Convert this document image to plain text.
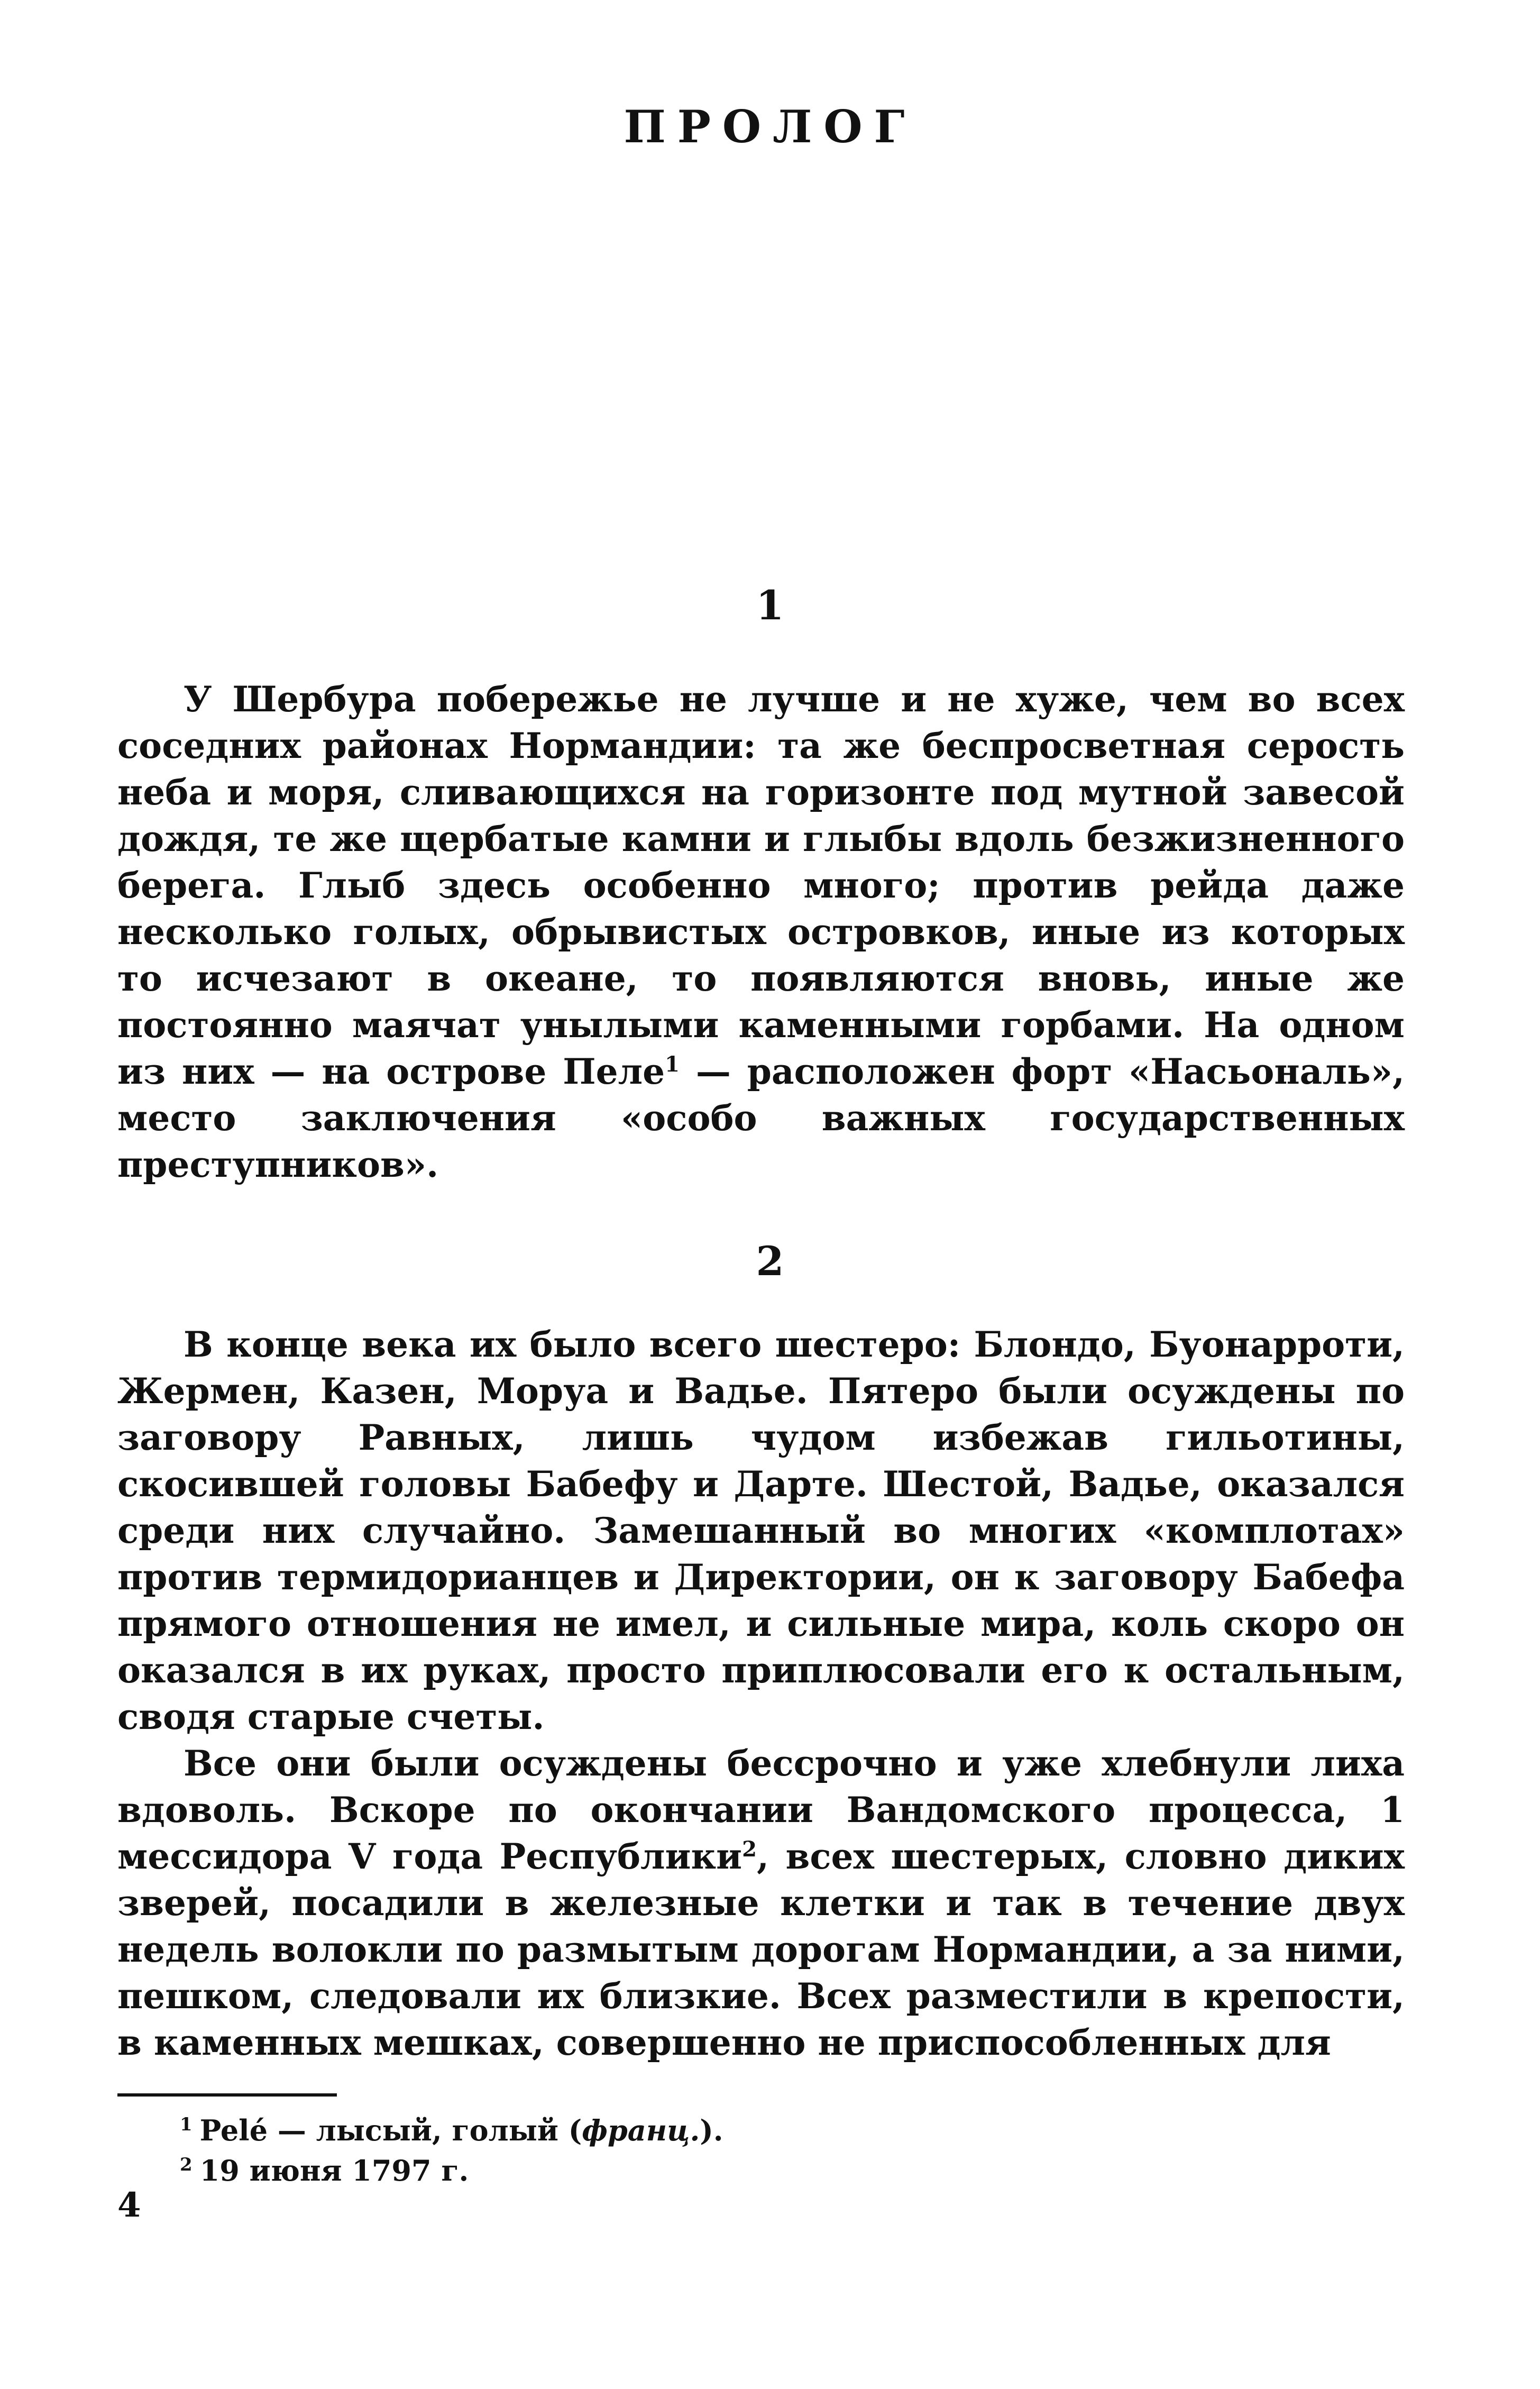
ПРОЛОГ
1

У Шербура побережье не лучше и не хуже, чем во всех соседних районах Нормандии: та же беспросветная серость неба и моря, сливающихся на горизонте под мутной завесой дождя, те же щербатые камни и глыбы вдоль безжизненного берега. Глыб здесь особенно много; против рейда даже несколько голых, обрывистых островков, иные из которых то исчезают в океане, то появляются вновь, иные же постоянно маячат унылыми каменными горбами. На одном из них — на острове Пеле$^1$ — расположен форт «Насьональ», место заключения «особо важных государственных преступников».

2

В конце века их было всего шестеро: Блондо, Буонарроти, Жермен, Казен, Моруа и Вадье. Пятеро были осуждены по заговору Равных, лишь чудом избежав гильотины, скосившей головы Бабефу и Дарте. Шестой, Вадье, оказался среди них случайно. Замешанный во многих «комплотах» против термидорианцев и Директории, он к заговору Бабефа прямого отношения не имел, и сильные мира, коль скоро он оказался в их руках, просто приплюсовали его к остальным, сводя старые счеты.

Все они были осуждены бессрочно и уже хлебнули лиха вдоволь. Вскоре по окончании Вандомского процесса, 1 мессидора V года Республики$^2$, всех шестерых, словно диких зверей, посадили в железные клетки и так в течение двух недель волокли по размытым дорогам Нормандии, а за ними, пешком, следовали их близкие. Всех разместили в крепости, в каменных мешках, совершенно не приспособленных для

$^1$ Pelé — лысый, голый (франц.).
$^2$ 19 июня 1797 г.
4
